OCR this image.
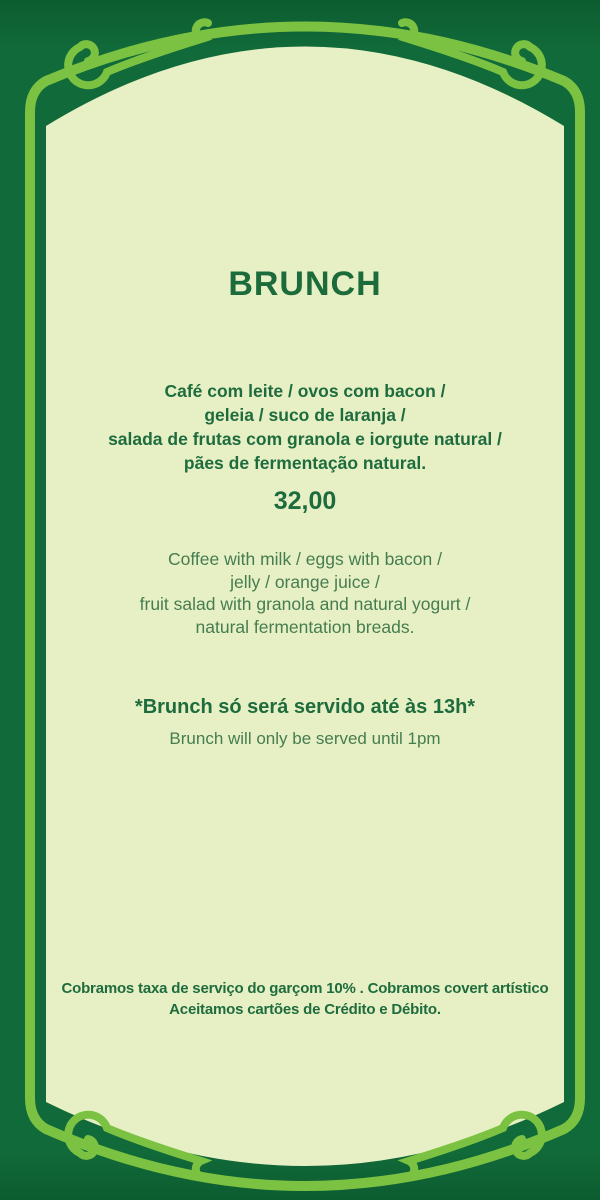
BRUNCH
Café com leite / ovos com bacon /
geleia / suco de laranja /
salada de frutas com granola e iorgute natural /
pães de fermentação natural.
32,00
Coffee with milk / eggs with bacon /
jelly / orange juice /
fruit salad with granola and natural yogurt /
natural fermentation breads.
*Brunch só será servido até às 13h*
Brunch will only be served until 1pm
Cobramos taxa de serviço do garçom 10% . Cobramos covert artístico
Aceitamos cartões de Crédito e Débito.
